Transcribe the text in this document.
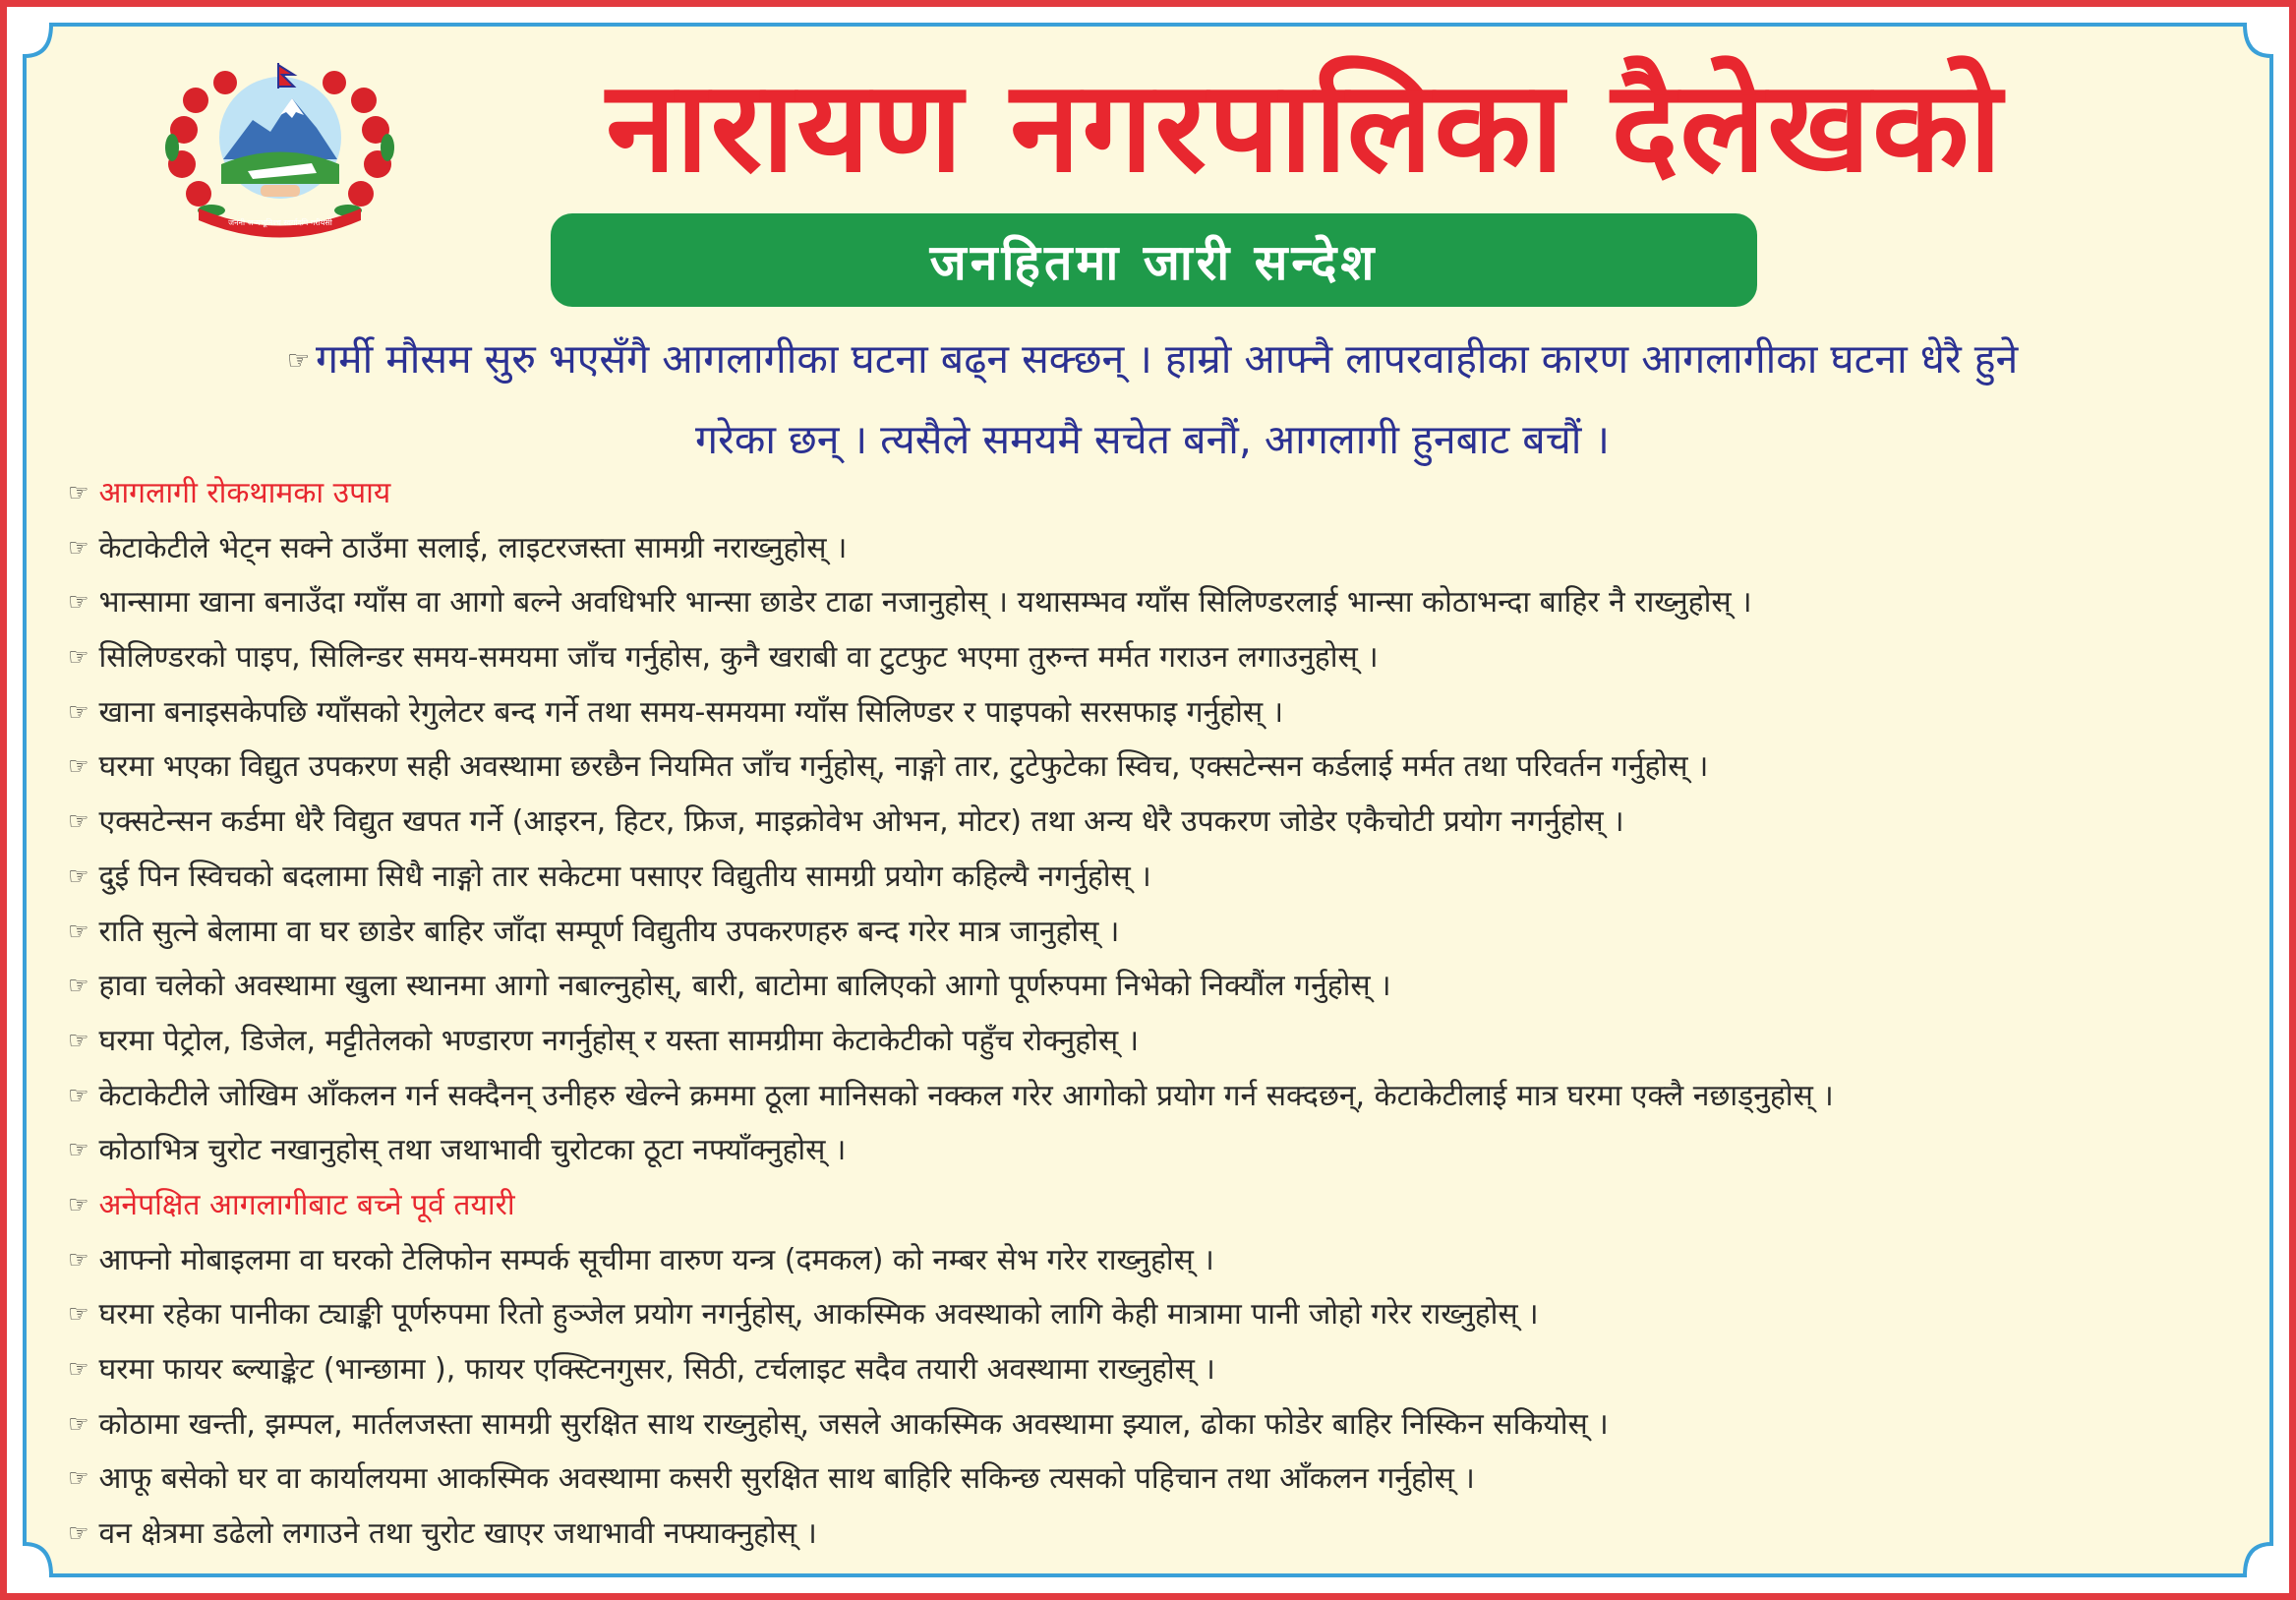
जननी जन्मभूमिश्च स्वर्गादपि गरीयसी
नारायण नगरपालिका दैलेखको
जनहितमा जारी सन्देश
☞ गर्मी मौसम सुरु भएसँगै आगलागीका घटना बढ्न सक्छन् । हाम्रो आफ्नै लापरवाहीका कारण आगलागीका घटना धेरै हुने
गरेका छन् । त्यसैले समयमै सचेत बनौं, आगलागी हुनबाट बचौं ।
☞ आगलागी रोकथामका उपाय
☞ केटाकेटीले भेट्न सक्ने ठाउँमा सलाई, लाइटरजस्ता सामग्री नराख्नुहोस् ।
☞ भान्सामा खाना बनाउँदा ग्याँस वा आगो बल्ने अवधिभरि भान्सा छाडेर टाढा नजानुहोस् । यथासम्भव ग्याँस सिलिण्डरलाई भान्सा कोठाभन्दा बाहिर नै राख्नुहोस् ।
☞ सिलिण्डरको पाइप, सिलिन्डर समय-समयमा जाँच गर्नुहोस, कुनै खराबी वा टुटफुट भएमा तुरुन्त मर्मत गराउन लगाउनुहोस् ।
☞ खाना बनाइसकेपछि ग्याँसको रेगुलेटर बन्द गर्ने तथा समय-समयमा ग्याँस सिलिण्डर र पाइपको सरसफाइ गर्नुहोस् ।
☞ घरमा भएका विद्युत उपकरण सही अवस्थामा छरछैन नियमित जाँच गर्नुहोस्, नाङ्गो तार, टुटेफुटेका स्विच, एक्सटेन्सन कर्डलाई मर्मत तथा परिवर्तन गर्नुहोस् ।
☞ एक्सटेन्सन कर्डमा धेरै विद्युत खपत गर्ने (आइरन, हिटर, फ्रिज, माइक्रोवेभ ओभन, मोटर) तथा अन्य धेरै उपकरण जोडेर एकैचोटी प्रयोग नगर्नुहोस् ।
☞ दुई पिन स्विचको बदलामा सिधै नाङ्गो तार सकेटमा पसाएर विद्युतीय सामग्री प्रयोग कहिल्यै नगर्नुहोस् ।
☞ राति सुत्ने बेलामा वा घर छाडेर बाहिर जाँदा सम्पूर्ण विद्युतीय उपकरणहरु बन्द गरेर मात्र जानुहोस् ।
☞ हावा चलेको अवस्थामा खुला स्थानमा आगो नबाल्नुहोस्, बारी, बाटोमा बालिएको आगो पूर्णरुपमा निभेको निक्यौंल गर्नुहोस् ।
☞ घरमा पेट्रोल, डिजेल, मट्टीतेलको भण्डारण नगर्नुहोस् र यस्ता सामग्रीमा केटाकेटीको पहुँच रोक्नुहोस् ।
☞ केटाकेटीले जोखिम आँकलन गर्न सक्दैनन् उनीहरु खेल्ने क्रममा ठूला मानिसको नक्कल गरेर आगोको प्रयोग गर्न सक्दछन्, केटाकेटीलाई मात्र घरमा एक्लै नछाड्नुहोस् ।
☞ कोठाभित्र चुरोट नखानुहोस् तथा जथाभावी चुरोटका ठूटा नफ्याँक्नुहोस् ।
☞ अनेपक्षित आगलागीबाट बच्ने पूर्व तयारी
☞ आफ्नो मोबाइलमा वा घरको टेलिफोन सम्पर्क सूचीमा वारुण यन्त्र (दमकल) को नम्बर सेभ गरेर राख्नुहोस् ।
☞ घरमा रहेका पानीका ट्याङ्की पूर्णरुपमा रितो हुञ्जेल प्रयोग नगर्नुहोस्, आकस्मिक अवस्थाको लागि केही मात्रामा पानी जोहो गरेर राख्नुहोस् ।
☞ घरमा फायर ब्ल्याङ्केट (भान्छामा ), फायर एक्स्टिनगुसर, सिठी, टर्चलाइट सदैव तयारी अवस्थामा राख्नुहोस् ।
☞ कोठामा खन्ती, झम्पल, मार्तलजस्ता सामग्री सुरक्षित साथ राख्नुहोस्, जसले आकस्मिक अवस्थामा झ्याल, ढोका फोडेर बाहिर निस्किन सकियोस् ।
☞ आफू बसेको घर वा कार्यालयमा आकस्मिक अवस्थामा कसरी सुरक्षित साथ बाहिरि सकिन्छ त्यसको पहिचान तथा आँकलन गर्नुहोस् ।
☞ वन क्षेत्रमा डढेलो लगाउने तथा चुरोट खाएर जथाभावी नफ्याक्नुहोस् ।
